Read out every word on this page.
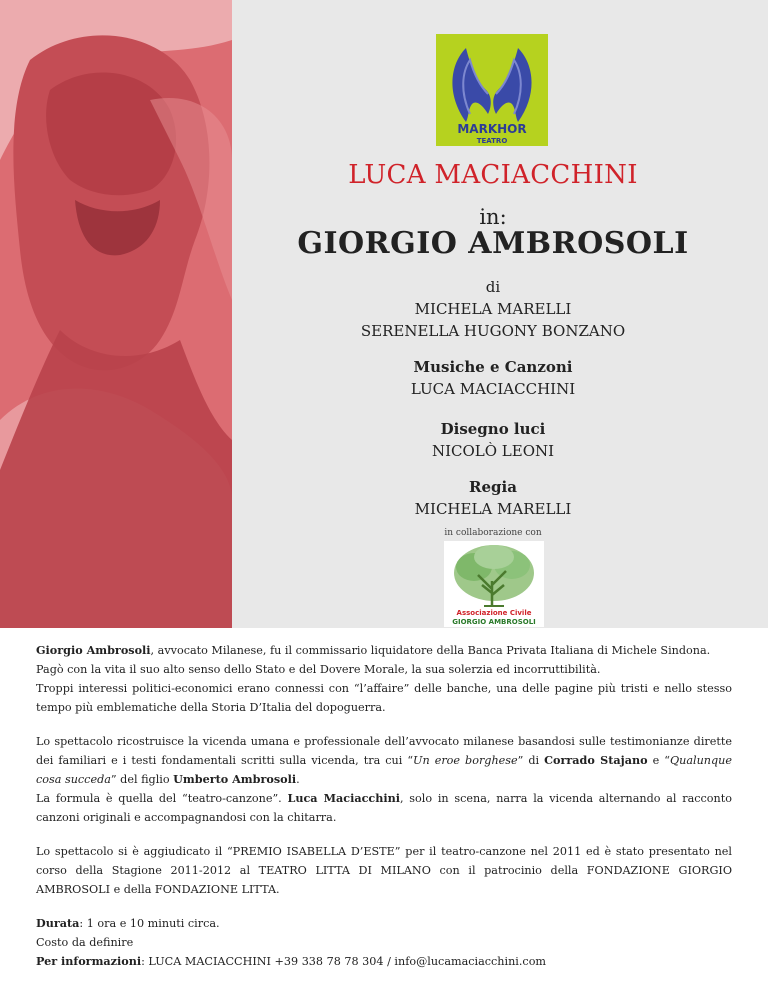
MARKHOR
TEATRO
LUCA MACIACCHINI
in:
GIORGIO AMBROSOLI
di
MICHELA MARELLI
SERENELLA HUGONY BONZANO
Musiche e Canzoni
LUCA MACIACCHINI
Disegno luci
NICOLÒ LEONI
Regia
MICHELA MARELLI
in collaborazione con
Associazione Civile
GIORGIO AMBROSOLI

Giorgio Ambrosoli, avvocato Milanese, fu il commissario liquidatore della Banca Privata Italiana di Michele Sindona.
Pagò con la vita il suo alto senso dello Stato e del Dovere Morale, la sua solerzia ed incorruttibilità.
Troppi interessi politici-economici erano connessi con “l’affaire” delle banche, una delle pagine più tristi e nello stesso tempo più emblematiche della Storia D’Italia del dopoguerra.

Lo spettacolo ricostruisce la vicenda umana e professionale dell’avvocato milanese basandosi sulle testimonianze dirette dei familiari e i testi fondamentali scritti sulla vicenda, tra cui “Un eroe borghese” di Corrado Stajano e “Qualunque cosa succeda” del figlio Umberto Ambrosoli.
La formula è quella del “teatro-canzone”. Luca Maciacchini, solo in scena, narra la vicenda alternando al racconto canzoni originali e accompagnandosi con la chitarra.

Lo spettacolo si è aggiudicato il “PREMIO ISABELLA D’ESTE” per il teatro-canzone nel 2011 ed è stato presentato nel corso della Stagione 2011-2012 al TEATRO LITTA DI MILANO con il patrocinio della FONDAZIONE GIORGIO AMBROSOLI e della FONDAZIONE LITTA.

Durata: 1 ora e 10 minuti circa.
Costo da definire
Per informazioni: LUCA MACIACCHINI +39 338 78 78 304 / info@lucamaciacchini.com
